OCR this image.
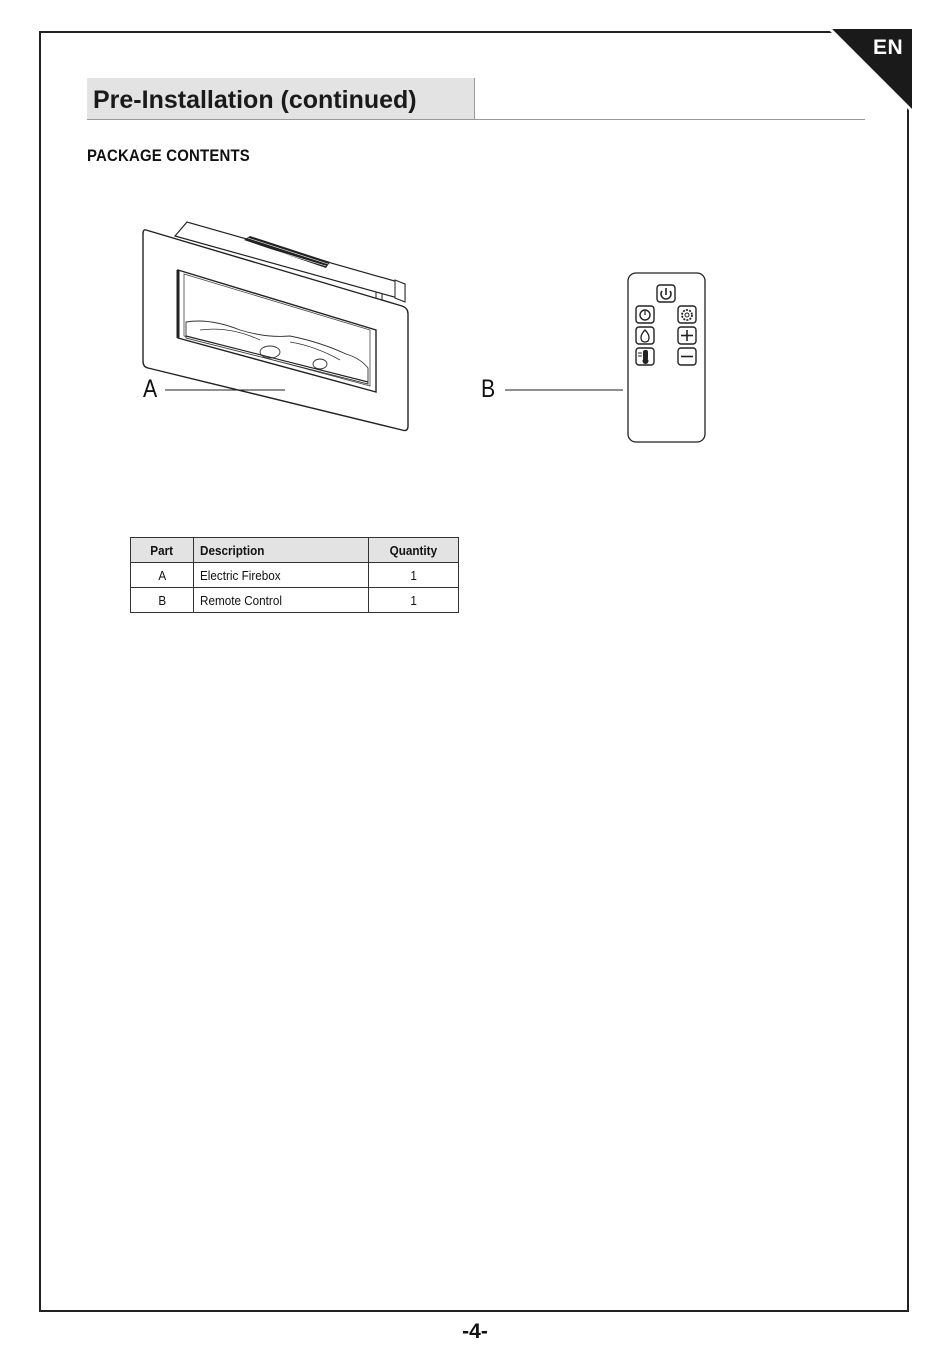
EN
Pre-Installation (continued)
PACKAGE CONTENTS
A	B
Part	Description	Quantity
A	Electric Firebox	1
B	Remote Control	1
-4-
